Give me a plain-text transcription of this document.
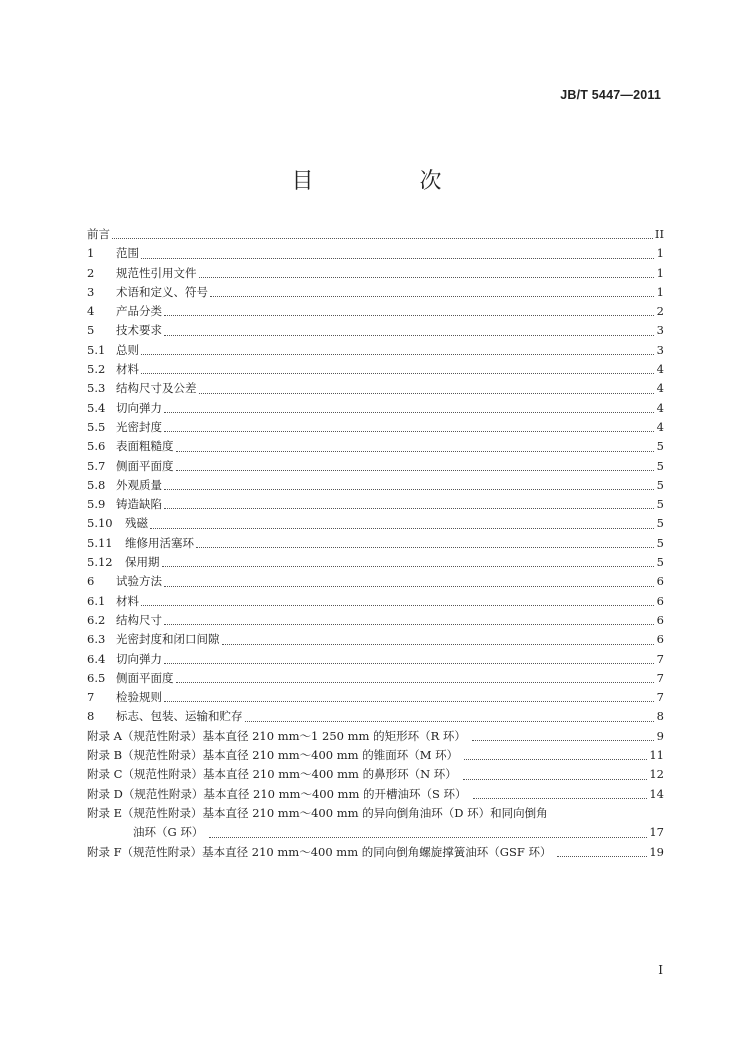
JB/T 5447—2011
目　次
前言	II
1	范围	1
2	规范性引用文件	1
3	术语和定义、符号	1
4	产品分类	2
5	技术要求	3
5.1 总则	3
5.2 材料	4
5.3 结构尺寸及公差	4
5.4 切向弹力	4
5.5 光密封度	4
5.6 表面粗糙度	5
5.7 侧面平面度	5
5.8 外观质量	5
5.9 铸造缺陷	5
5.10	残磁	5
5.11	维修用活塞环	5
5.12	保用期	5
6	试验方法	6
6.1 材料	6
6.2 结构尺寸	6
6.3 光密封度和闭口间隙	6
6.4 切向弹力	7
6.5 侧面平面度	7
7	检验规则	7
8	标志、包装、运输和贮存	8
附录 A（规范性附录）基本直径 210 mm～1 250 mm 的矩形环（R 环）	9
附录 B（规范性附录）基本直径 210 mm～400 mm 的锥面环（M 环）	11
附录 C（规范性附录）基本直径 210 mm～400 mm 的鼻形环（N 环）	12
附录 D（规范性附录）基本直径 210 mm～400 mm 的开槽油环（S 环）	14
附录 E（规范性附录）基本直径 210 mm～400 mm 的异向倒角油环（D 环）和同向倒角
油环（G 环）	17
附录 F（规范性附录）基本直径 210 mm～400 mm 的同向倒角螺旋撑簧油环（GSF 环）	19
I
